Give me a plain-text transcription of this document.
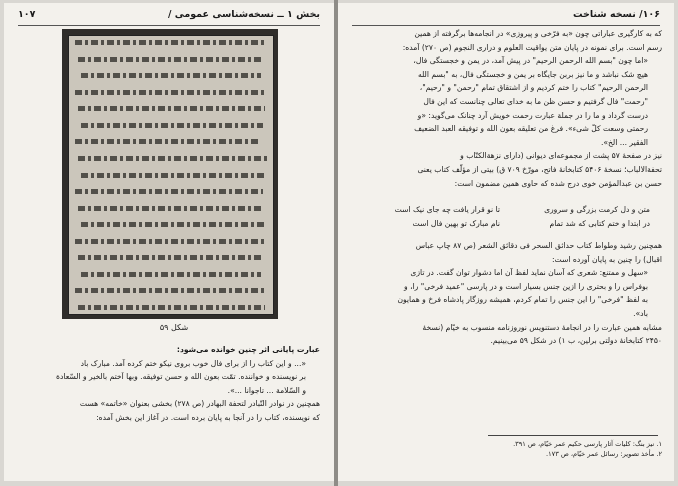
بخش ۱ ــ نسخه‌شناسی عمومی /
۱۰۷
شکل ۵۹

عبارت پایانی اثر چنین خوانده می‌شود:

«... و این کتاب را از برای فال خوب بروی نیکو ختم کرده آمد. مبارک باد

بر نویسنده و خواننده. تمّت بعون الله و حسن توفیقه. وبها اَختم بالخیر و السّعادة

و السّلامة ... تاجوانا ...».

همچنین در نوادر التّبادر لتحفة البهادر (ص ۲۷۸) بخشی بعنوان «خاتمه» هست

که نویسنده، کتاب را در آنجا به پایان برده است. در آغاز این بخش آمده:

۱۰۶/ نسخه شناخت

که به کارگیری عباراتی چون «به فرّخی و پیروزی» در انجامه‌ها برگرفته از همین

رسم است. برای نمونه در پایان متن یواقیت العلوم و دراری النجوم (ص ۲۷۰) آمده:

«اما چون "بسم الله الرحمن الرحیم" در پیش آمد، در یمن و خجستگی فال،

هیچ شک نباشد و ما نیز بربن جایگاه بر یمن و خجستگی فال، به "بسم الله

الرحمن الرحیم" کتاب را ختم کردیم و از اشتقاق تمام "رحمن" و "رحیم"،

"رحمت" فال گرفتیم و حسن ظن ما به خدای تعالی چنانست که این فال

درست گرداد و ما را در جملة عبارت رحمت خویش آرد چنانک می‌گوید: «و

رحمتی وسعت کلّ شیء». فرغ من تعلیقه بعون الله و توفیقه العبد الضعیف

الفقیر ... الخ».

نیز در صفحهٔ ۵۷ پشت از مجموعه‌ای دیوانی (دارای نزهة‌الکتّاب و

تحفة‌الالباب؛ نسخهٔ ۵۴۰۶ کتابخانهٔ فاتح، مورّخ ۷۰۹ ق) بیتی از مؤلّف کتاب یعنی

حسن بن عبدالمؤمن خوی درج شده که حاوی همین مضمون است:

متن و دل کرمت بزرگی و سروری

در ابتدا و ختم کتابی که شد تمام

تا نو قرار یافت چه جای نیک است

نام مبارک تو بهین فال است

همچنین رشید وطواط کتاب حدائق السحر فی دقائق الشعر (ص ۸۷ چاپ عباس

اقبال) را چنین به پایان آورده است:

«سهل و ممتنع: شعری که آسان نماید لفظ آن اما دشوار توان گفت. در تازی

بوفراس را و بحتری را ازین جنس بسیار است و در پارسی "عمید فرخی" را، و

به لفظ "فرخی" را این جنس را تمام کردم، همیشه روزگار پادشاه فرخ و همایون

باد».

مشابه همین عبارت را در انجامهٔ دستنویس نوروزنامه منسوب به خیّام (نسخهٔ

۲۴۵۰ کتابخانهٔ دولتی برلین، ب ۱) در شکل ۵۹ می‌بینیم.

۱. نیز بنگ: کلیات آثار پارسی حکیم عمر خیّام، ص ۳۹۱.
۲. مأخذ تصویر: رسائل عمر خیّام، ص ۱۷۳.
